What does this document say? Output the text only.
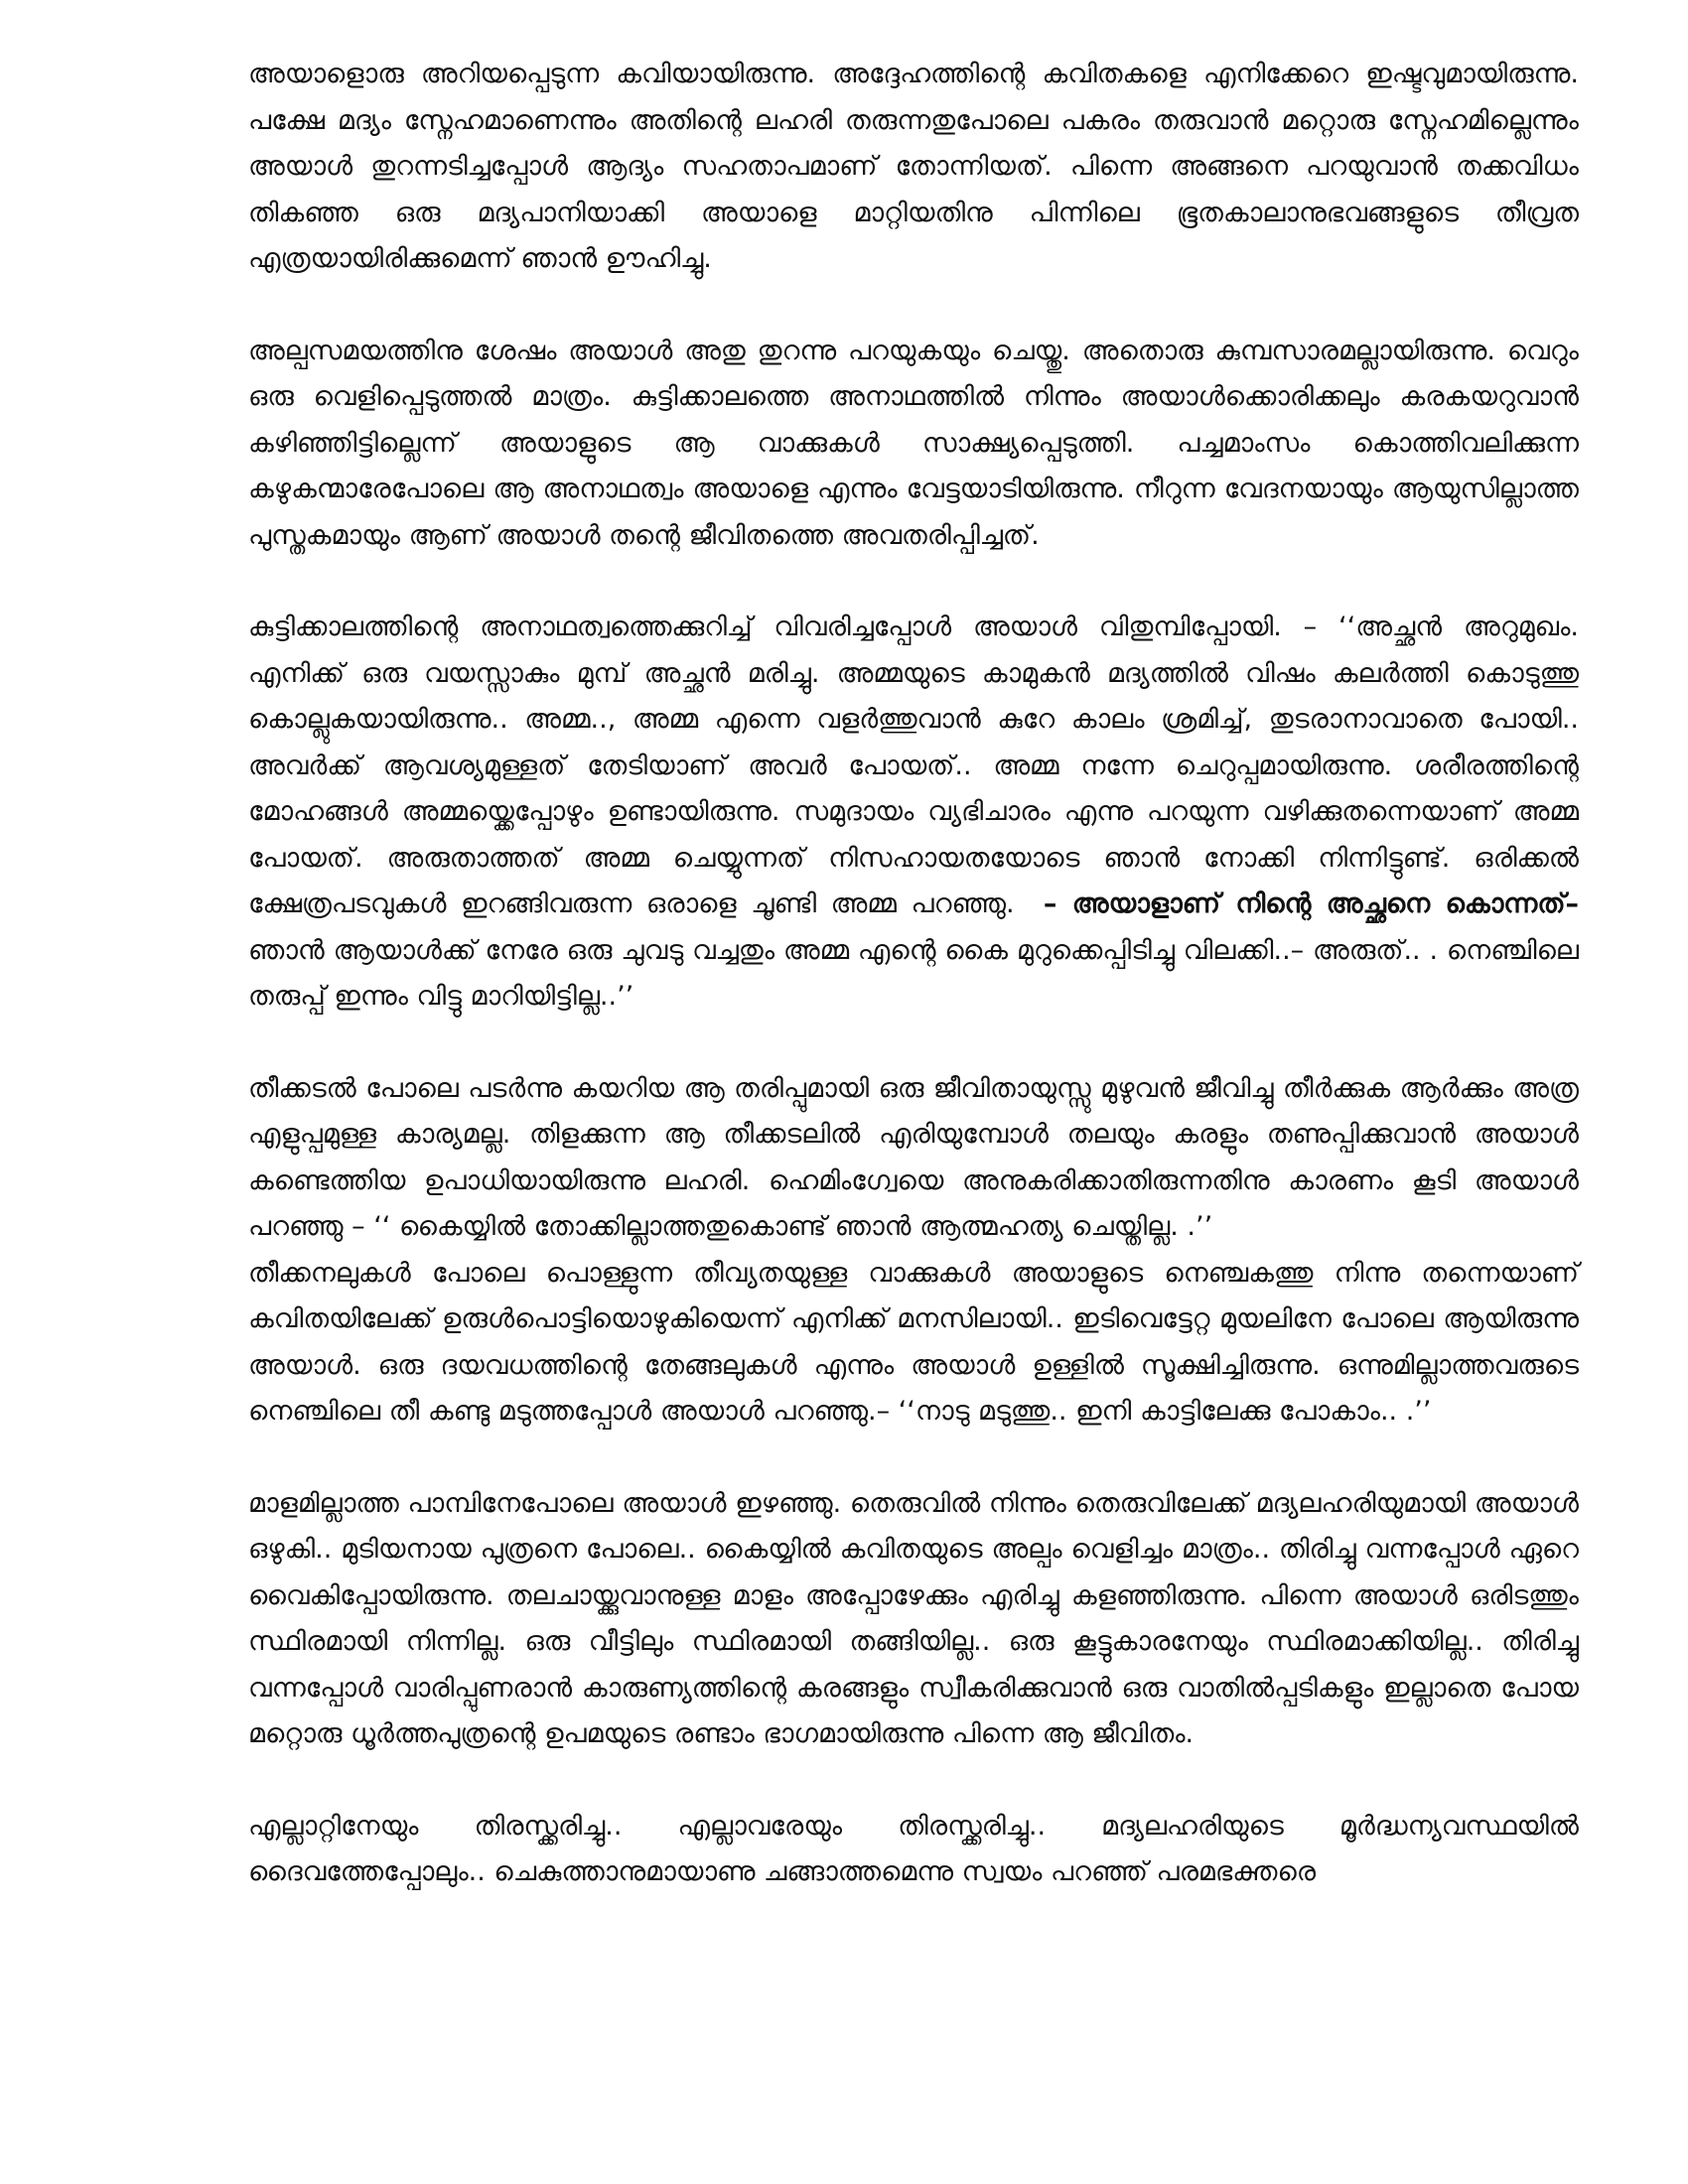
അയാളൊരു അറിയപ്പെടുന്ന കവിയായിരുന്നു. അദ്ദേഹത്തിന്റെ കവിതകളെ എനിക്കേറെ ഇഷ്ടവുമായിരുന്നു. പക്ഷേ മദ്യം സ്നേഹമാണെന്നും അതിന്റെ ലഹരി തരുന്നതുപോലെ പകരം തരുവാൻ മറ്റൊരു സ്നേഹമില്ലെന്നും അയാൾ തുറന്നടിച്ചപ്പോൾ ആദ്യം സഹതാപമാണ് തോന്നിയത്. പിന്നെ അങ്ങനെ പറയുവാൻ തക്കവിധം തികഞ്ഞ ഒരു മദ്യപാനിയാക്കി അയാളെ മാറ്റിയതിനു പിന്നിലെ ഭൂതകാലാനുഭവങ്ങളുടെ തീവ്രത എത്രയായിരിക്കുമെന്ന് ഞാൻ ഊഹിച്ചു.

അല്പസമയത്തിനു ശേഷം അയാൾ അതു തുറന്നു പറയുകയും ചെയ്തു. അതൊരു കുമ്പസാരമല്ലായിരുന്നു. വെറും ഒരു വെളിപ്പെടുത്തൽ മാത്രം. കുട്ടിക്കാലത്തെ അനാഥത്തിൽ നിന്നും അയാൾക്കൊരിക്കലും കരകയറുവാൻ കഴിഞ്ഞിട്ടില്ലെന്ന് അയാളുടെ ആ വാക്കുകൾ സാക്ഷ്യപ്പെടുത്തി. പച്ചമാംസം കൊത്തിവലിക്കുന്ന കഴുകന്മാരേപോലെ ആ അനാഥത്വം അയാളെ എന്നും വേട്ടയാടിയിരുന്നു. നീറുന്ന വേദനയായും ആയുസില്ലാത്ത പുസ്തകമായും ആണ് അയാൾ തന്റെ ജീവിതത്തെ അവതരിപ്പിച്ചത്.

കുട്ടിക്കാലത്തിന്റെ അനാഥത്വത്തെക്കുറിച്ച് വിവരിച്ചപ്പോൾ അയാൾ വിതുമ്പിപ്പോയി. – ‘‘അച്ഛൻ അറുമുഖം. എനിക്ക് ഒരു വയസ്സാകും മുമ്പ് അച്ഛൻ മരിച്ചു. അമ്മയുടെ കാമുകൻ മദ്യത്തിൽ വിഷം കലർത്തി കൊടുത്തു കൊല്ലുകയായിരുന്നു.. അമ്മ.., അമ്മ എന്നെ വളർത്തുവാൻ കുറേ കാലം ശ്രമിച്ച്, തുടരാനാവാതെ പോയി.. അവർക്ക് ആവശ്യമുള്ളത് തേടിയാണ് അവർ പോയത്.. അമ്മ നന്നേ ചെറുപ്പമായിരുന്നു. ശരീരത്തിന്റെ മോഹങ്ങൾ അമ്മയ്ക്കെപ്പോഴും ഉണ്ടായിരുന്നു. സമുദായം വ്യഭിചാരം എന്നു പറയുന്ന വഴിക്കുതന്നെയാണ് അമ്മ പോയത്. അരുതാത്തത് അമ്മ ചെയ്യുന്നത് നിസഹായതയോടെ ഞാൻ നോക്കി നിന്നിട്ടുണ്ട്. ഒരിക്കൽ ക്ഷേത്രപടവുകൾ ഇറങ്ങിവരുന്ന ഒരാളെ ചൂണ്ടി അമ്മ പറഞ്ഞു. – അയാളാണ് നിന്റെ അച്ഛനെ കൊന്നത്– ഞാൻ ആയാൾക്ക് നേരേ ഒരു ചുവടു വച്ചതും അമ്മ എന്റെ കൈ മുറുക്കെപ്പിടിച്ചു വിലക്കി..– അരുത്.. . നെഞ്ചിലെ തരുപ്പ് ഇന്നും വിട്ടു മാറിയിട്ടില്ല..’’

തീക്കടൽ പോലെ പടർന്നു കയറിയ ആ തരിപ്പുമായി ഒരു ജീവിതായുസ്സു മുഴുവൻ ജീവിച്ചു തീർക്കുക ആർക്കും അത്ര എളുപ്പമുള്ള കാര്യമല്ല. തിളക്കുന്ന ആ തീക്കടലിൽ എരിയുമ്പോൾ തലയും കരളും തണുപ്പിക്കുവാൻ അയാൾ കണ്ടെത്തിയ ഉപാധിയായിരുന്നു ലഹരി. ഹെമിംഗ്വേയെ അനുകരിക്കാതിരുന്നതിനു കാരണം കൂടി അയാൾ പറഞ്ഞു – ‘‘ കൈയ്യിൽ തോക്കില്ലാത്തതുകൊണ്ട് ഞാൻ ആത്മഹത്യ ചെയ്തില്ല. .’’

തീക്കനലുകൾ പോലെ പൊള്ളുന്ന തീവ്യതയുള്ള വാക്കുകൾ അയാളുടെ നെഞ്ചകത്തു നിന്നു തന്നെയാണ് കവിതയിലേക്ക് ഉരുൾപൊട്ടിയൊഴുകിയെന്ന് എനിക്ക് മനസിലായി.. ഇടിവെട്ടേറ്റ മുയലിനേ പോലെ ആയിരുന്നു അയാൾ. ഒരു ദയവധത്തിന്റെ തേങ്ങലുകൾ എന്നും അയാൾ ഉള്ളിൽ സൂക്ഷിച്ചിരുന്നു. ഒന്നുമില്ലാത്തവരുടെ നെഞ്ചിലെ തീ കണ്ടു മടുത്തപ്പോൾ അയാൾ പറഞ്ഞു.– ‘‘നാടു മടുത്തു.. ഇനി കാട്ടിലേക്കു പോകാം.. .’’

മാളമില്ലാത്ത പാമ്പിനേപോലെ അയാൾ ഇഴഞ്ഞു. തെരുവിൽ നിന്നും തെരുവിലേക്ക് മദ്യലഹരിയുമായി അയാൾ ഒഴുകി.. മുടിയനായ പുത്രനെ പോലെ.. കൈയ്യിൽ കവിതയുടെ അല്പം വെളിച്ചം മാത്രം.. തിരിച്ചു വന്നപ്പോൾ ഏറെ വൈകിപ്പോയിരുന്നു. തലചായ്ക്കുവാനുള്ള മാളം അപ്പോഴേക്കും എരിച്ചു കളഞ്ഞിരുന്നു. പിന്നെ അയാൾ ഒരിടത്തും സ്ഥിരമായി നിന്നില്ല. ഒരു വീട്ടിലും സ്ഥിരമായി തങ്ങിയില്ല.. ഒരു കൂട്ടുകാരനേയും സ്ഥിരമാക്കിയില്ല.. തിരിച്ചു വന്നപ്പോൾ വാരിപ്പുണരാൻ കാരുണ്യത്തിന്റെ കരങ്ങളും സ്വീകരിക്കുവാൻ ഒരു വാതിൽപ്പടികളും ഇല്ലാതെ പോയ മറ്റൊരു ധൂർത്തപുത്രന്റെ ഉപമയുടെ രണ്ടാം ഭാഗമായിരുന്നു പിന്നെ ആ ജീവിതം.

എല്ലാറ്റിനേയും തിരസ്ക്കരിച്ചു.. എല്ലാവരേയും തിരസ്ക്കരിച്ചു.. മദ്യലഹരിയുടെ മൂർദ്ധന്യവസ്ഥയിൽ ദൈവത്തേപ്പോലും.. ചെകുത്താനുമായാണു ചങ്ങാത്തമെന്നു സ്വയം പറഞ്ഞ് പരമഭക്തരെ
